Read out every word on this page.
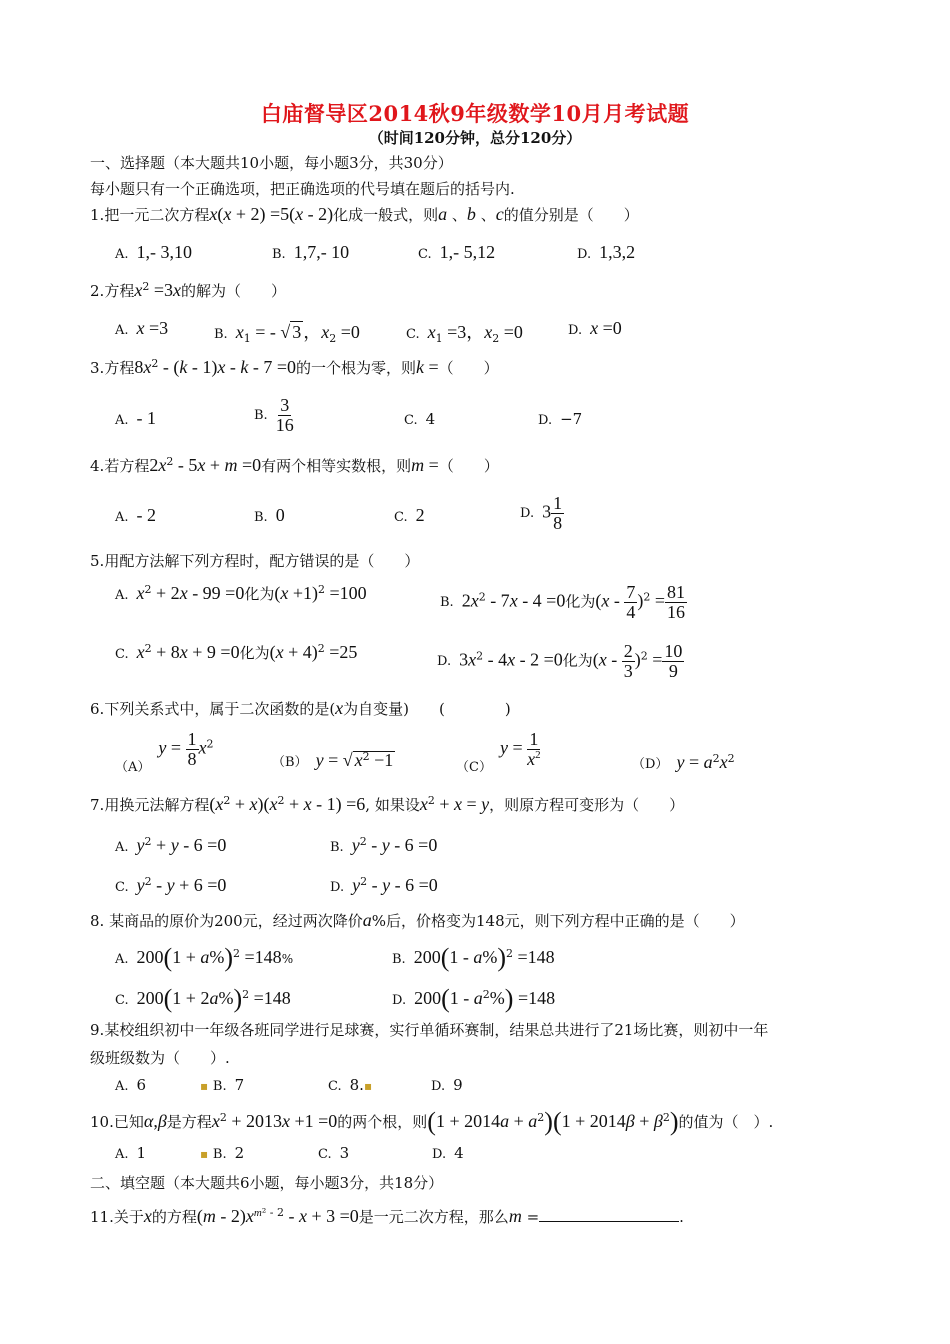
白庙督导区2014秋9年级数学10月月考试题
（时间120分钟，总分120分）
一、选择题（本大题共10小题，每小题3分，共30分）
每小题只有一个正确选项，把正确选项的代号填在题后的括号内.
1.把一元二次方程x(x + 2) =5(x - 2)化成一般式，则a 、b 、c的值分别是（　　）
A. 1,- 3,10	B. 1,7,- 10	C. 1,- 5,12	D. 1,3,2
2.方程$x^2 =3x$的解为（　　）
A. x =3	B. $x_1$ = - √ 3 ，$x_2 =0$	C. $x_1 =3$，$x_2 =0$	D. x =0
3.方程$8x^2 - (k - 1)x - k - 7 =0$的一个根为零，则k =（　　）
A. - 1	B. $\frac{3}{16}$	C. 4	D. −7
4.若方程$2x^2 - 5x + m =0$有两个相等实数根，则m =（　　）
A. - 2	B. 0	C. 2	D. $3 \frac{1}{8}$
5.用配方法解下列方程时，配方错误的是（　　）
A. $x^2 + 2x - 99 =0$化为$(x +1)^2 =100$	B. $2x^2 - 7x - 4 =0$化为$(x - \frac{7}{4} )^2 = \frac{81}{16}$
C. $x^2 + 8x + 9 =0$化为$(x + 4)^2 =25$	D. $3x^2 - 4x - 2 =0$化为$(x - \frac{2}{3} )^2 = \frac{10}{9}$
6.下列关系式中，属于二次函数的是(x为自变量)　　(　　　　)
$(A)y = \frac{1}{8} x^2$
（B） y = √ $x^2 -1$	$(C)y = \frac{1}{x^2}$	（D） $y = a^2x^2$
7.用换元法解方程$(x^2 + x)(x^2 + x - 1) =6$, 如果设$x^2 + x = y$，则原方程可变形为（　　）
A. $y^2 + y - 6 =0$	B. $y^2 - y - 6 =0$
C. $y^2 - y + 6 =0$	D. $y^2 - y - 6 =0$
8. 某商品的原价为200元，经过两次降价a%后，价格变为148元，则下列方程中正确的是（　　）
A. $200(1 + a\%)^2 =148\%$	B. 200(1 - a%)$^2$ =148
C. $200(1 + 2a\%)^2 =148$	D. $200(1 - a^2\%) =148$
9.某校组织初中一年级各班同学进行足球赛，实行单循环赛制，结果总共进行了21场比赛，则初中一年
级班级数为（　　）.
A. 6	▪ B. 7	C. 8.▪	D. 9
10.已知α,β是方程$x^2 + 2013x +1 =0$的两个根，则$(1 + 2014a + a^2)(1 + 2014\beta + \beta^2)$的值为（　）.
A. 1	▪ B. 2	C. 3	D. 4
二、填空题（本大题共6小题，每小题3分，共18分）
11.关于x的方程$(m - 2)x^{m^2 - 2} - x + 3 =0$是一元二次方程，那么m =	.
